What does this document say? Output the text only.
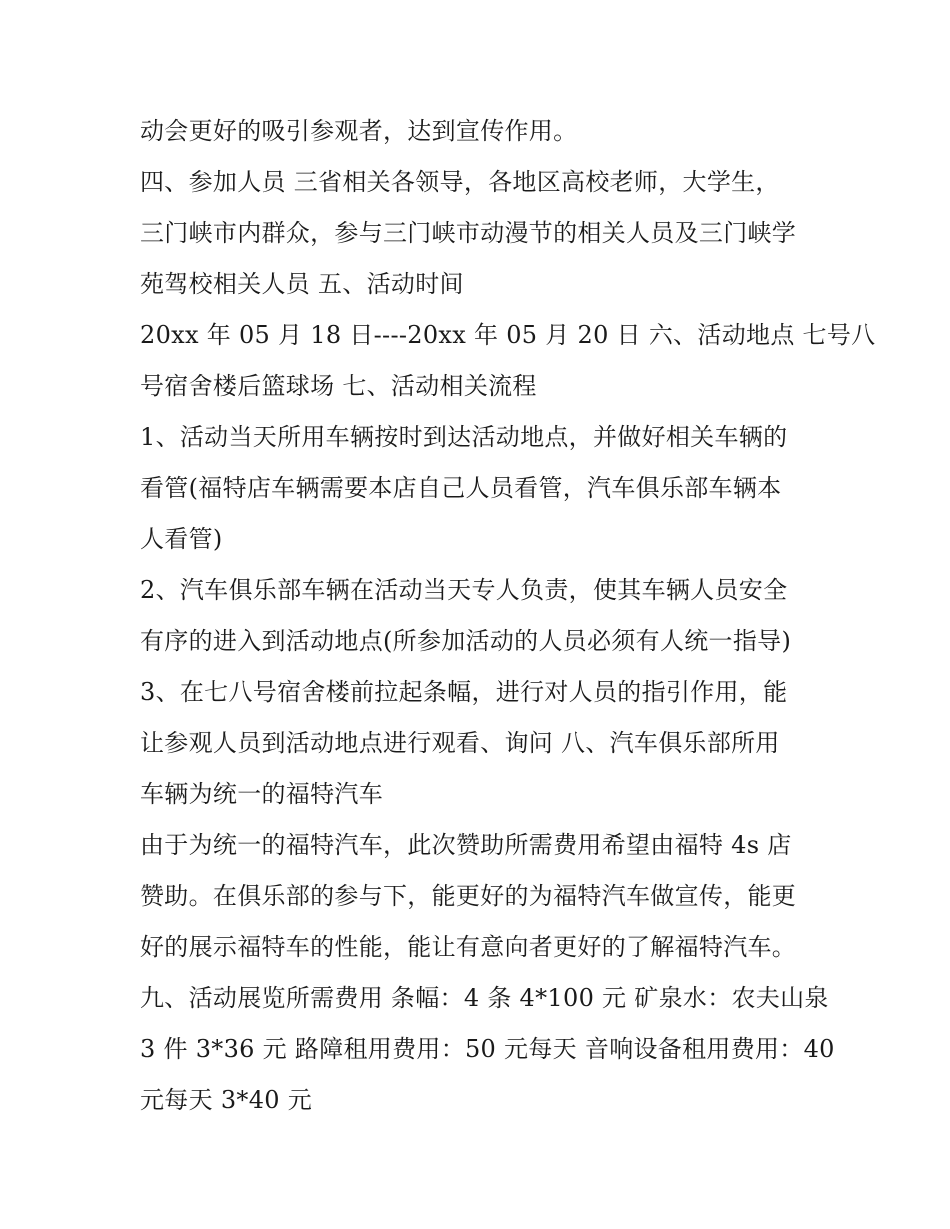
动会更好的吸引参观者，达到宣传作用。
四、参加人员 三省相关各领导，各地区高校老师，大学生，
三门峡市内群众，参与三门峡市动漫节的相关人员及三门峡学
苑驾校相关人员 五、活动时间
20xx 年 05 月 18 日----20xx 年 05 月 20 日 六、活动地点 七号八
号宿舍楼后篮球场 七、活动相关流程
1、活动当天所用车辆按时到达活动地点，并做好相关车辆的
看管(福特店车辆需要本店自己人员看管，汽车俱乐部车辆本
人看管)
2、汽车俱乐部车辆在活动当天专人负责，使其车辆人员安全
有序的进入到活动地点(所参加活动的人员必须有人统一指导)
3、在七八号宿舍楼前拉起条幅，进行对人员的指引作用，能
让参观人员到活动地点进行观看、询问 八、汽车俱乐部所用
车辆为统一的福特汽车
由于为统一的福特汽车，此次赞助所需费用希望由福特 4s 店
赞助。在俱乐部的参与下，能更好的为福特汽车做宣传，能更
好的展示福特车的性能，能让有意向者更好的了解福特汽车。
九、活动展览所需费用 条幅：4 条 4*100 元 矿泉水：农夫山泉
3 件 3*36 元 路障租用费用：50 元每天 音响设备租用费用：40
元每天 3*40 元
